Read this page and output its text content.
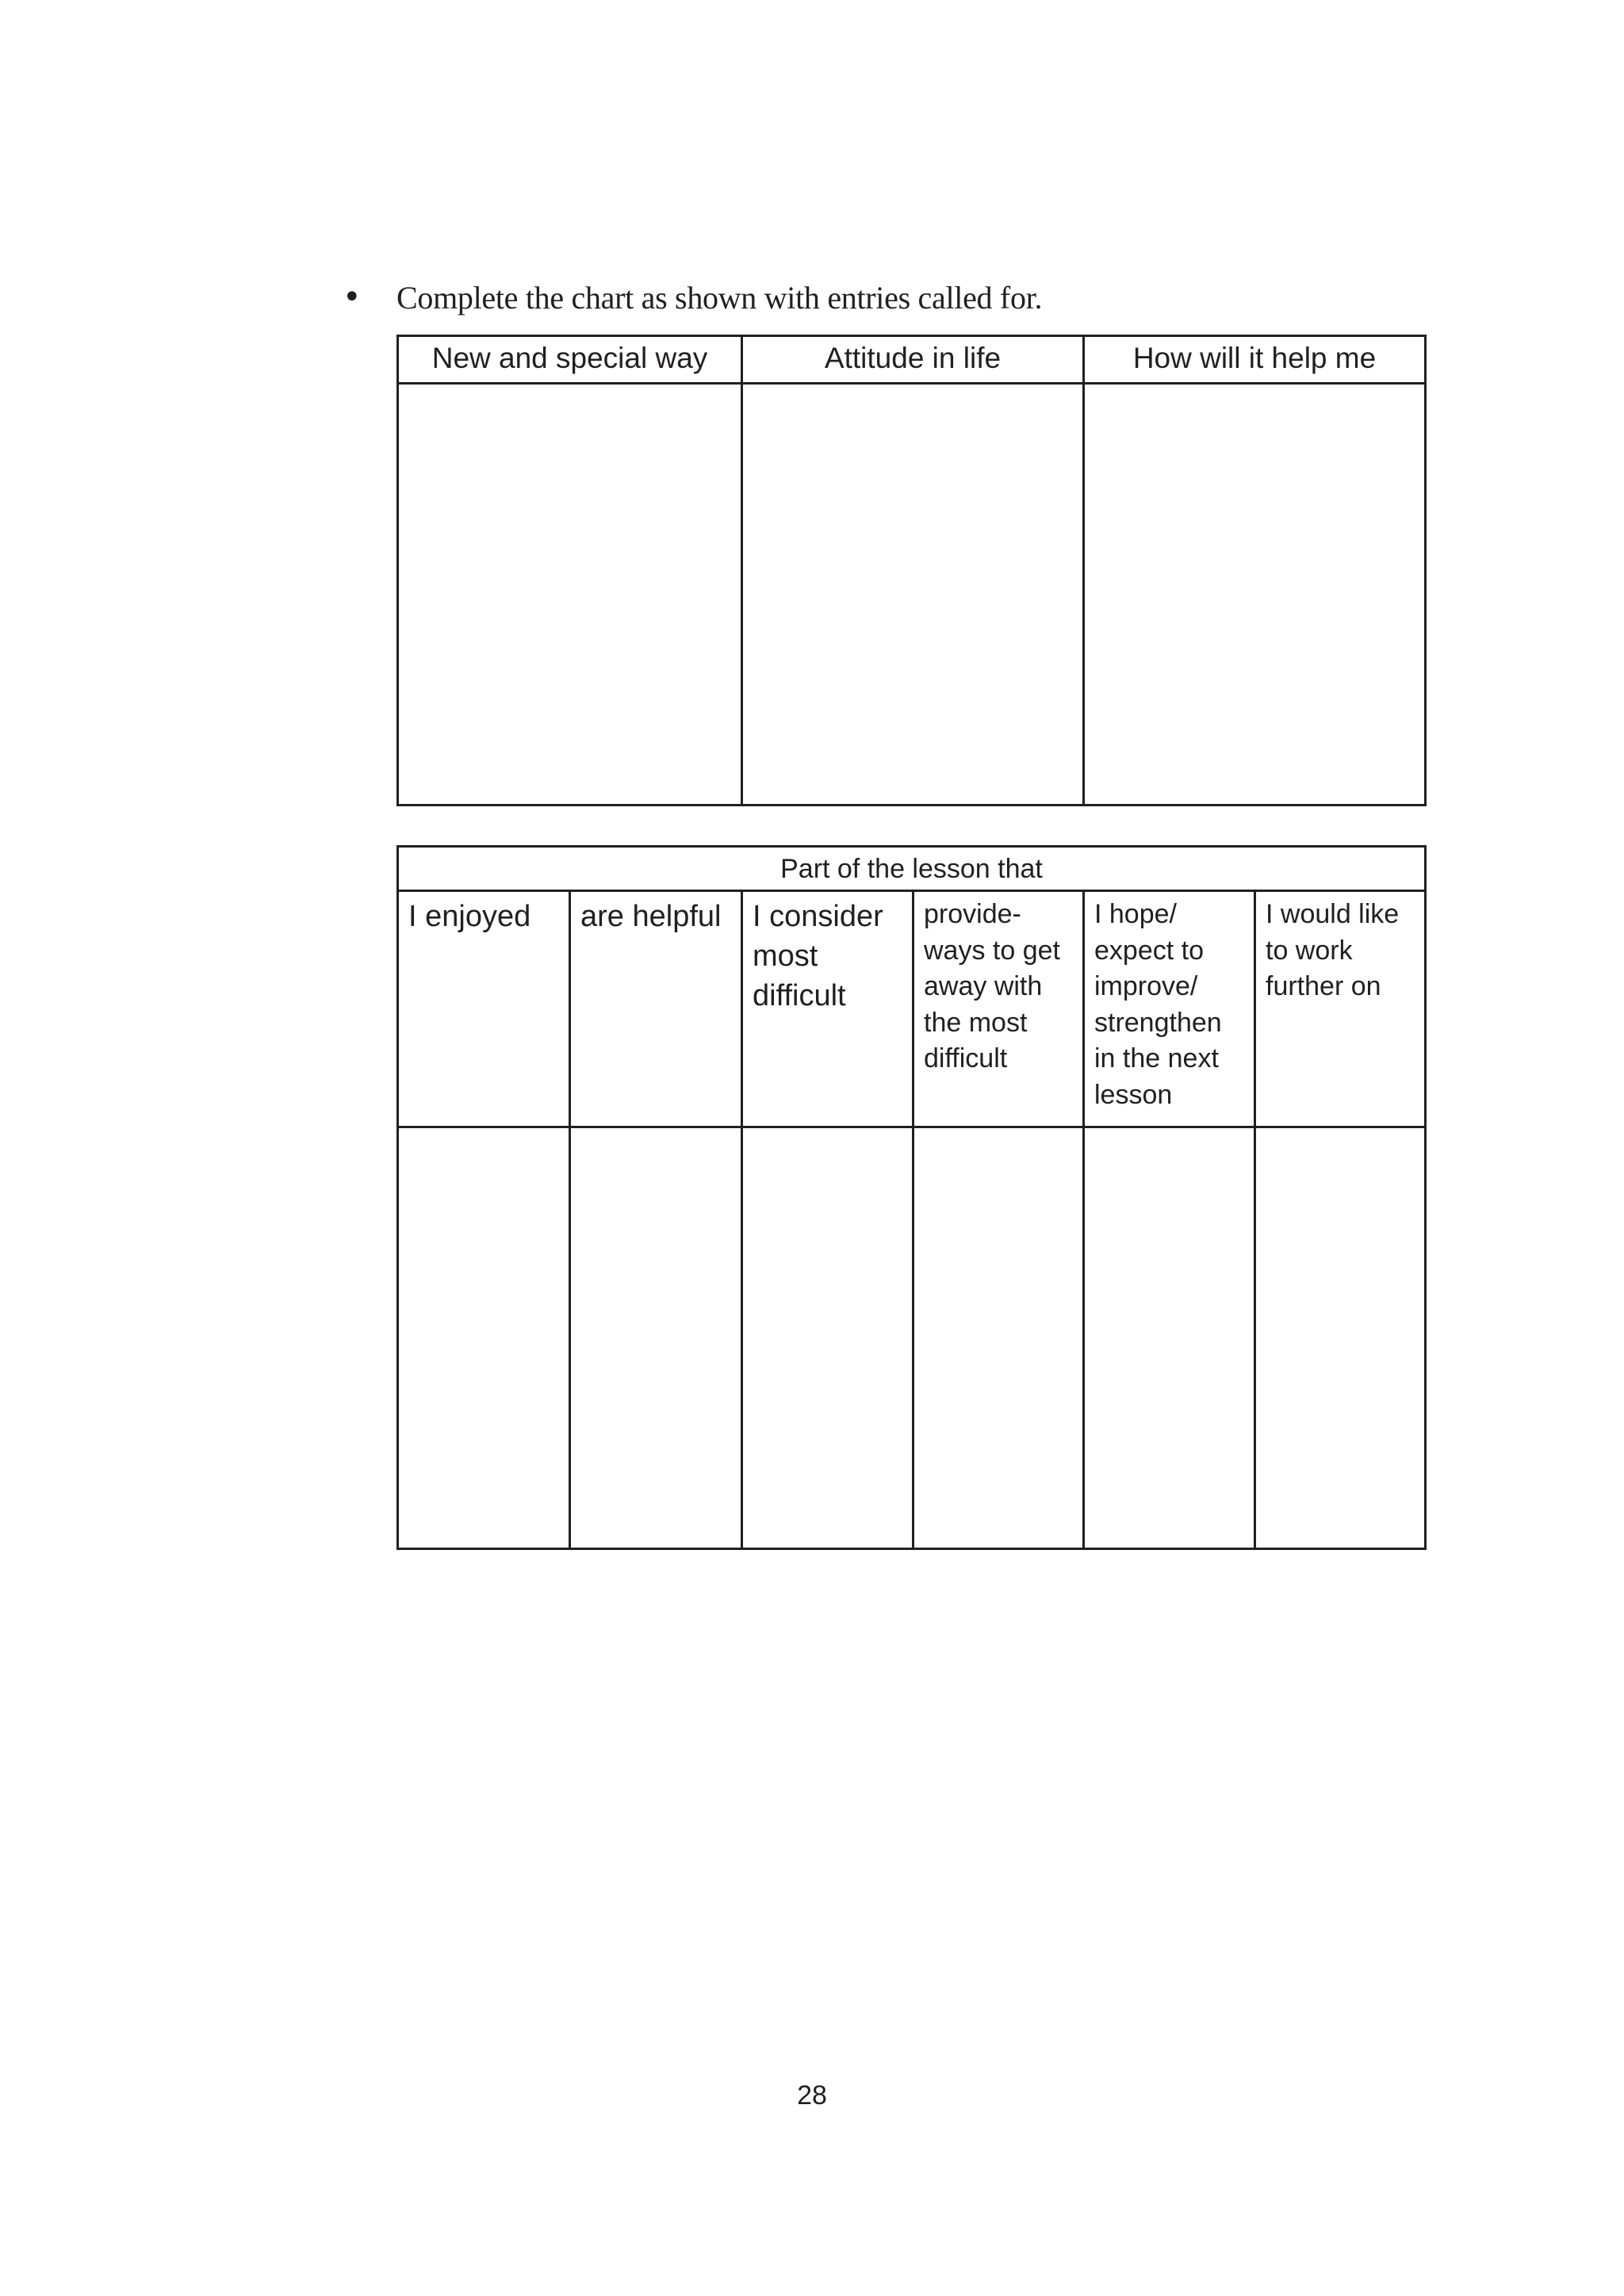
• Complete the chart as shown with entries called for.
New and special way	Attitude in life	How will it help me
Part of the lesson that
I enjoyed are helpful I consider
most
difficult
provide-
ways to get
away with
the most
difficult
I hope/
expect to
improve/
strengthen
in the next
lesson
I would like
to work
further on
28
